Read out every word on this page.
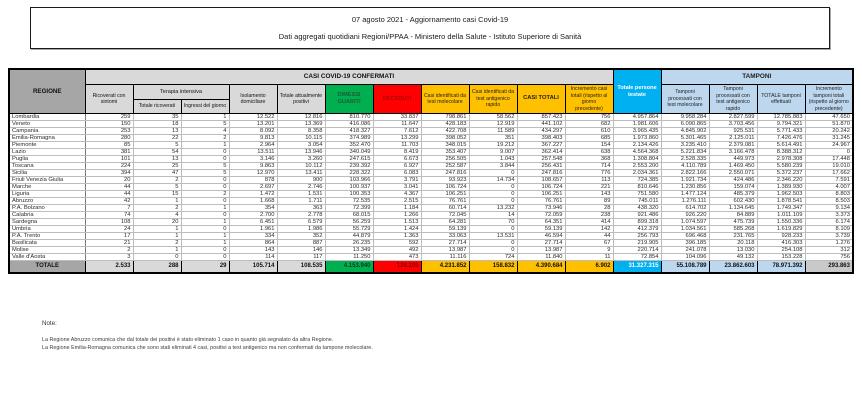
07 agosto 2021 - Aggiornamento casi Covid-19
Dati aggregati quotidiani Regioni/PPAA - Ministero della Salute - Istituto Superiore di Sanità
REGIONE	CASI COVID-19 CONFERMATI											Totale persone testate	TAMPONI			
	Ricoverati con sintomi	Terapia intensiva		Isolamento domiciliare	Totale attualmente positivi	DIMESSI GUARITI	DECEDUTI	Casi identificati da test molecolare	Casi identificati da test antigenico rapido	CASI TOTALI	Incremento casi totali (rispetto al giorno precedente)		Tamponi processati con test molecolare	Tamponi processati con test antigenico rapido	TOTALE tamponi effettuati	Incremento tamponi totali (rispetto al giorno precedente)
		Totale ricoverati	Ingressi del giorno													
Lombardia	259	35	1	12.522	12.816	810.770	33.837	798.861	58.562	857.423	756	4.957.864	9.958.284	2.827.599	12.785.883	47.650
Veneto	150	18	5	13.201	13.369	416.086	11.647	428.183	12.919	441.102	682	1.981.606	6.090.865	3.703.456	9.794.321	51.870
Campania	253	13	4	8.092	8.358	418.327	7.612	422.708	11.589	434.297	610	3.965.435	4.845.902	925.531	5.771.433	20.242
Emilia-Romagna	280	22	2	9.813	10.115	374.989	13.299	398.052	351	398.403	685	1.973.860	5.301.465	2.125.011	7.426.476	31.245
Piemonte	85	5	1	2.964	3.054	352.470	11.703	348.015	19.212	367.227	154	2.134.426	3.235.410	2.379.081	5.614.491	24.967
Lazio	381	54	0	13.511	13.946	340.049	8.419	353.407	9.007	362.414	638	4.564.368	5.221.834	3.166.478	8.388.312	0
Puglia	101	13	0	3.146	3.260	247.615	6.673	256.505	1.043	257.548	368	1.308.804	2.528.335	449.973	2.978.308	17.448
Toscana	224	25	5	9.863	10.112	239.392	6.927	252.587	3.844	256.431	714	2.553.200	4.110.789	1.469.450	5.580.239	19.010
Sicilia	394	47	5	12.970	13.411	228.322	6.083	247.816	0	247.816	776	2.034.361	2.822.166	2.550.071	5.372.237	17.662
Friuli Venezia Giulia	20	2	0	878	900	103.966	3.791	93.923	14.734	108.657	113	724.385	1.921.734	424.486	2.346.220	7.591
Marche	44	5	0	2.697	2.746	100.937	3.041	106.724	0	106.724	221	810.646	1.230.856	159.074	1.389.930	4.007
Liguria	44	15	2	1.472	1.531	100.353	4.367	106.251	0	106.251	143	751.580	1.477.124	485.379	1.962.503	8.803
Abruzzo	42	1	0	1.668	1.711	72.535	2.515	76.761	0	76.761	89	745.011	1.276.111	602.430	1.878.541	8.503
P.A. Bolzano	7	2	1	354	363	72.399	1.184	60.714	13.232	73.946	28	438.320	614.702	1.134.645	1.749.347	9.134
Calabria	74	4	0	2.700	2.778	68.015	1.266	72.045	14	72.059	238	921.486	926.220	84.889	1.011.109	3.373
Sardegna	108	20	1	6.451	6.579	56.259	1.513	64.281	70	64.351	414	899.318	1.074.597	475.739	1.550.336	6.174
Umbria	24	1	0	1.961	1.986	55.729	1.424	59.139	0	59.139	142	412.379	1.034.561	585.268	1.619.829	8.109
P.A. Trento	17	1	1	334	352	44.879	1.363	33.063	13.531	46.594	44	256.793	696.468	231.765	928.233	3.739
Basilicata	21	2	1	864	887	26.235	592	27.714	0	27.714	67	219.905	396.185	20.118	416.303	1.276
Molise	2	1	0	143	146	13.349	492	13.987	0	13.987	9	220.714	241.078	13.030	254.108	312
Valle d'Aosta	3	0	0	114	117	11.250	473	11.116	724	11.840	11	72.854	104.096	49.132	153.228	756
TOTALE	2.533	288	29	105.714	108.535	4.153.940	128.209	4.231.852	158.832	4.390.684	6.902	31.327.315	55.108.789	23.862.603	78.971.392	293.863
Note:
La Regione Abruzzo comunica che dal totale dei positivi è stato eliminato 1 caso in quanto già segnalato da altra Regione.
La Regione Emilia-Romagna comunica che sono stati eliminati 4 casi, positivi a test antigenico ma non confermati da tampone molecolare.
